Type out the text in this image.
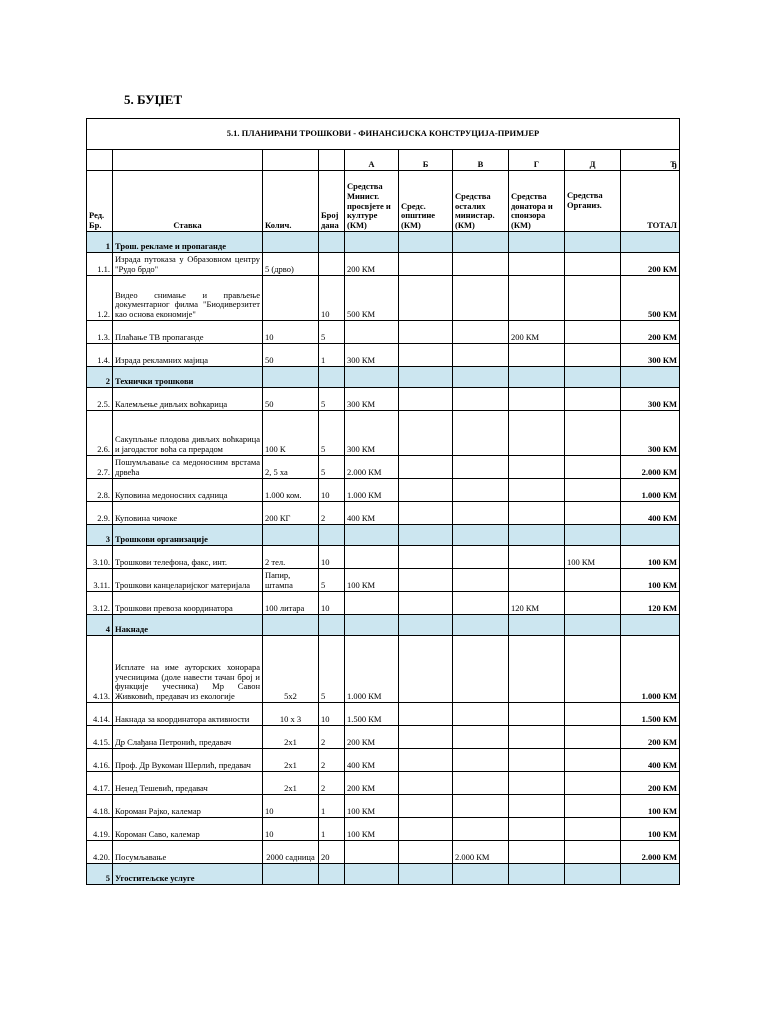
5. БУЏЕТ
5.1. ПЛАНИРАНИ ТРОШКОВИ - ФИНАНСИЈСКА КОНСТРУЦИЈА-ПРИМЈЕР									
				А	Б	В	Г	Д	Ђ
Ред. Бр.	Ставка	Колич.	Број дана	Средства Минист. просвјете и културе (КМ)	Средс. општине (КМ)	Средства осталих министар. (КМ)	Средства донатора и спонзора (КМ)	Средства Организ.	ТОТАЛ
1	Трош. рекламе и пропаганде								
1.1.	Израда путоказа у Образовном центру "Рудо брдо"	5 (дрво)		200 КМ					200 КМ
1.2.	Видео снимање и прављење документарног филма "Биодиверзитет као основа економије"		10	500 КМ					500 КМ
1.3.	Плаћање ТВ пропаганде	10	5				200 КМ		200 КМ
1.4.	Израда рекламних мајица	50	1	300 КМ					300 КМ
2	Технички трошкови								
2.5.	Калемљење дивљих воћкарица	50	5	300 КМ					300 КМ
2.6.	Сакупљање плодова дивљих воћкарица и јагодастог воћа са прерадом	100 К	5	300 КМ					300 КМ
2.7.	Пошумљавање са медоносним врстама дрвећа	2, 5 ха	5	2.000 КМ					2.000 КМ
2.8.	Куповина медоносних садница	1.000 ком.	10	1.000 КМ					1.000 КМ
2.9.	Куповина чичоке	200 КГ	2	400 КМ					400 КМ
3	Трошкови организације								
3.10.	Трошкови телефона, факс, инт.	2 тел.	10					100 КМ	100 КМ
3.11.	Трошкови канцеларијског материјала	Папир, штампа	5	100 КМ					100 КМ
3.12.	Трошкови превоза координатора	100 литара	10				120 КМ		120 КМ
4	Накнаде								
4.13.	Исплате на име ауторских хонорара учесницима (доле навести тачан број и функције учесника) Мр Савон Живковић, предавач из екологије	5x2	5	1.000 КМ					1.000 КМ
4.14.	Накнада за координатора активности	10 x 3	10	1.500 КМ					1.500 КМ
4.15.	Др Слађана Петронић, предавач	2x1	2	200 КМ					200 КМ
4.16.	Проф. Др Вукоман Шерлић, предавач	2x1	2	400 КМ					400 КМ
4.17.	Ненед Тешевић, предавач	2x1	2	200 КМ					200 КМ
4.18.	Короман Рајко, калемар	10	1	100 КМ					100 КМ
4.19.	Короман Саво, калемар	10	1	100 КМ					100 КМ
4.20.	Посумљавање	2000 садница	20			2.000 КМ			2.000 КМ
5	Угоститељске услуге								
